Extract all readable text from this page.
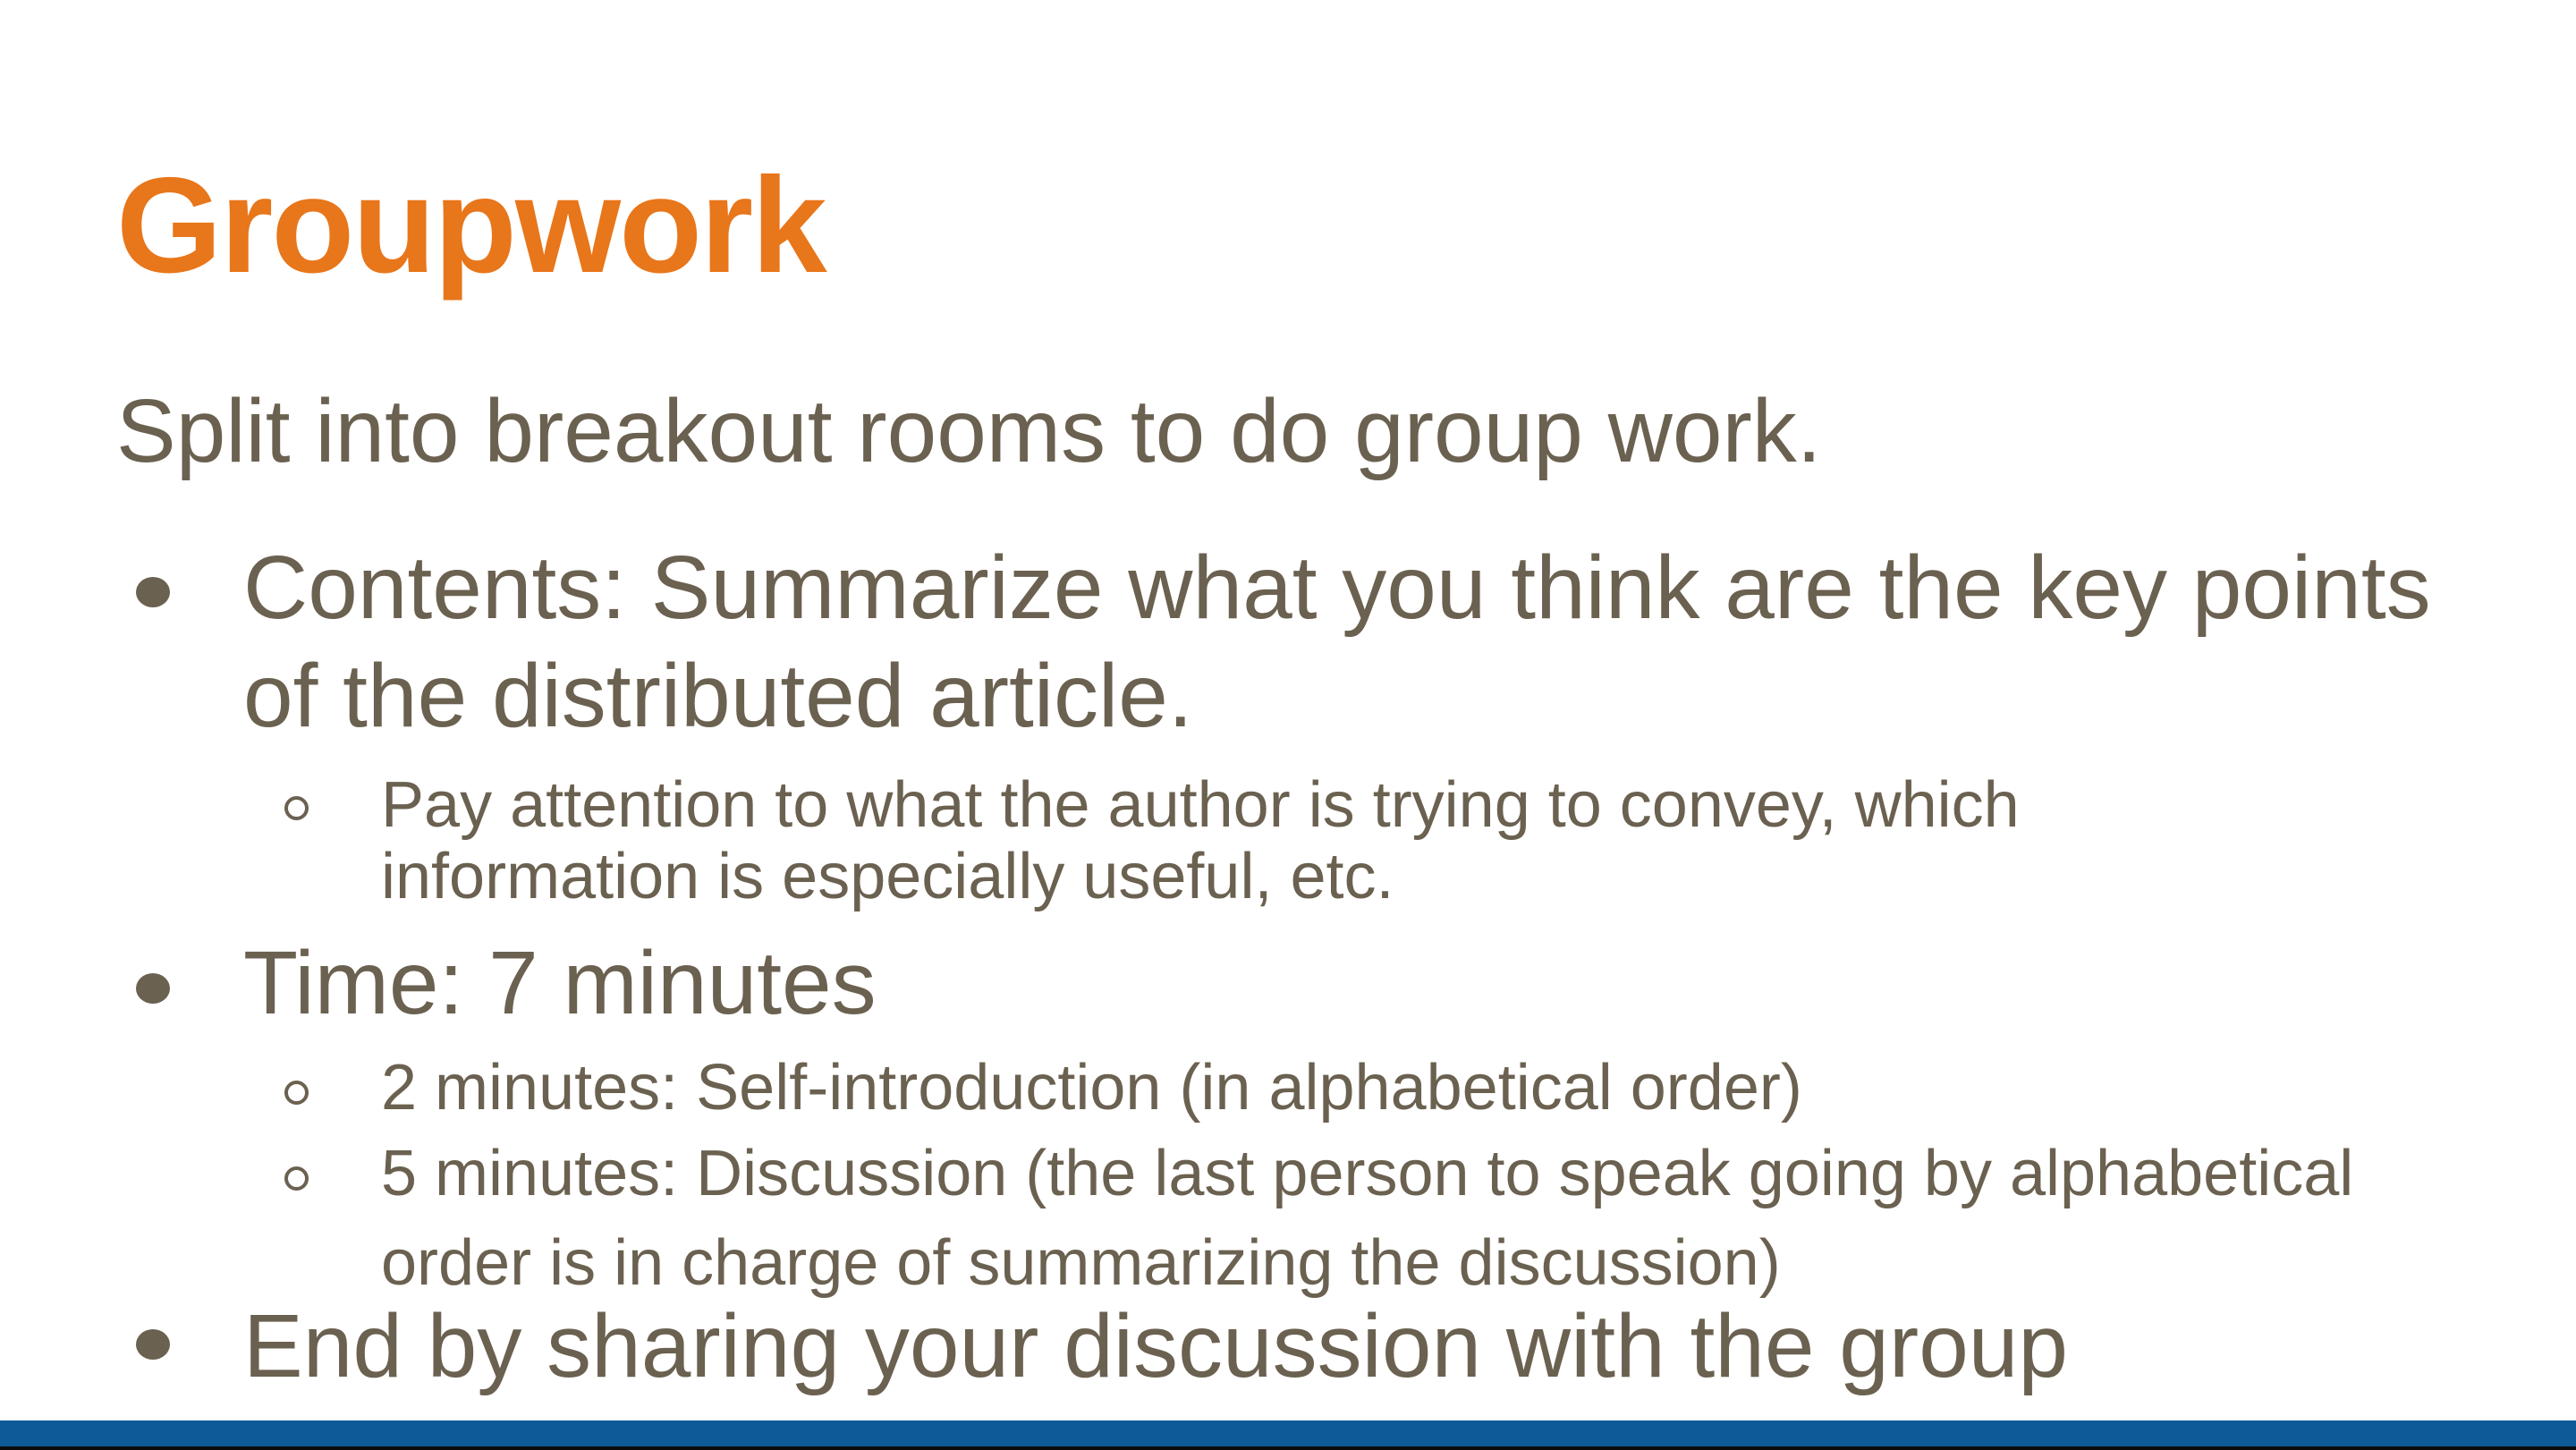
Groupwork
Split into breakout rooms to do group work.
Contents: Summarize what you think are the key points
of the distributed article.
Pay attention to what the author is trying to convey, which
information is especially useful, etc.
Time: 7 minutes
2 minutes: Self-introduction (in alphabetical order)
5 minutes: Discussion (the last person to speak going by alphabetical
order is in charge of summarizing the discussion)
End by sharing your discussion with the group
